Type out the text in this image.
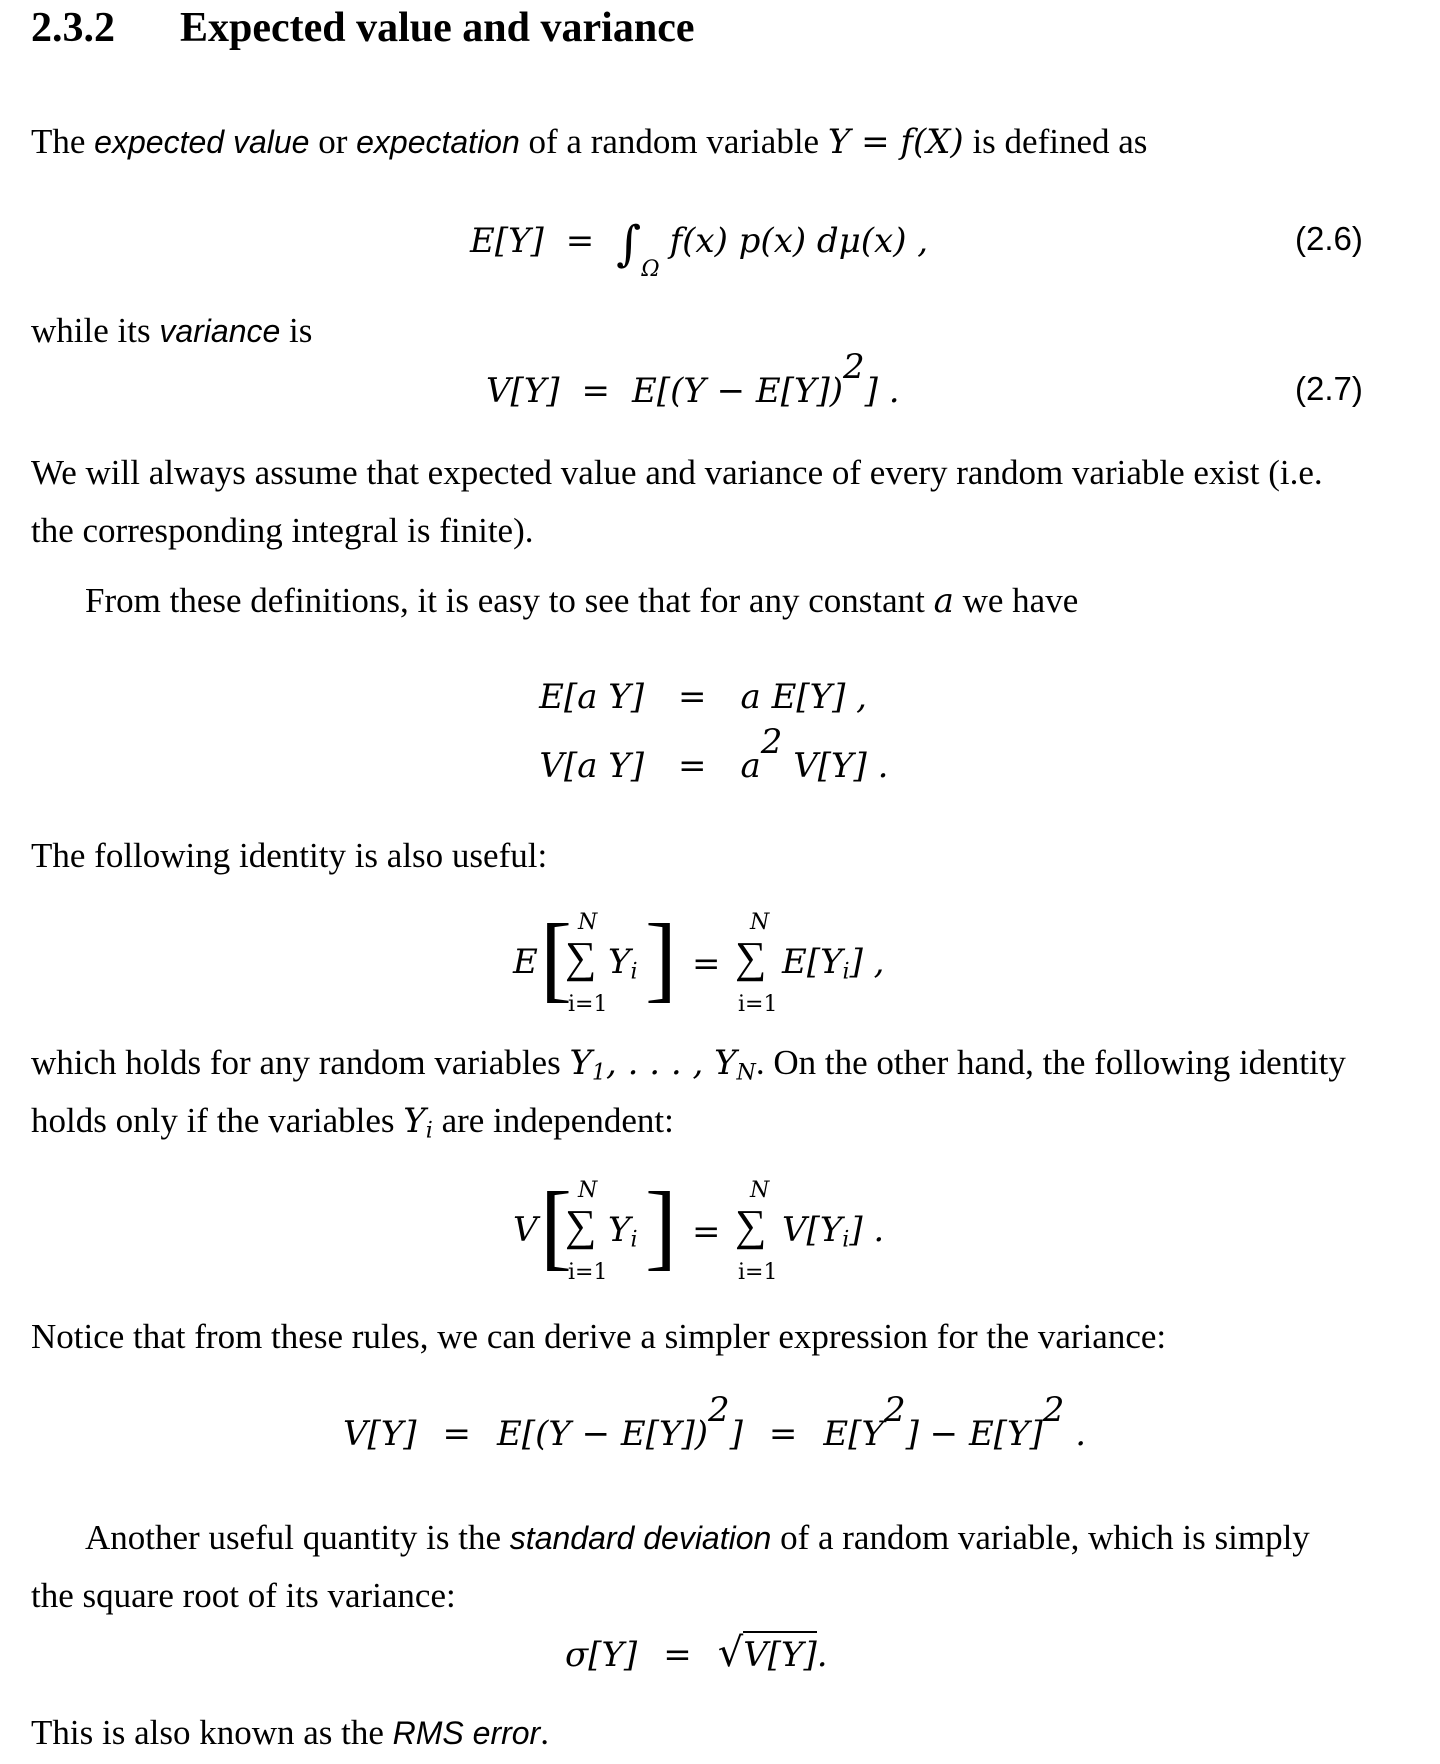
2.3.2 Expected value and variance
The expected value or expectation of a random variable Y = f(X) is defined as
E[Y] = ∫Ω f(x) p(x) dμ(x) ,	(2.6)
while its variance is
$V[Y] = E[(Y - E[Y])^2]$ .	(2.7)
We will always assume that expected value and variance of every random variable exist (i.e.
the corresponding integral is finite).
From these definitions, it is easy to see that for any constant a we have
E[a Y] = a E[Y] ,
V[a $Y] = a^2$ V[Y] .
The following identity is also useful:
E [ N
∑ $Y_i$
i=1 ] =
N
∑
i=1
$E[Y_i]$ ,
which holds for any random variables $Y_1$, . . . , $Y_N$. On the other hand, the following identity
holds only if the variables $Y_i$ are independent:
V [ N
∑ $Y_i$
i=1 ] =
N
∑
i=1
$V[Y_i]$ .
Notice that from these rules, we can derive a simpler expression for the variance:
$V[Y] = E[(Y - E[Y])^2] = E[Y^2] - E[Y]^2$ .
Another useful quantity is the standard deviation of a random variable, which is simply
the square root of its variance:
σ[Y] = √V[Y].
This is also known as the RMS error.
